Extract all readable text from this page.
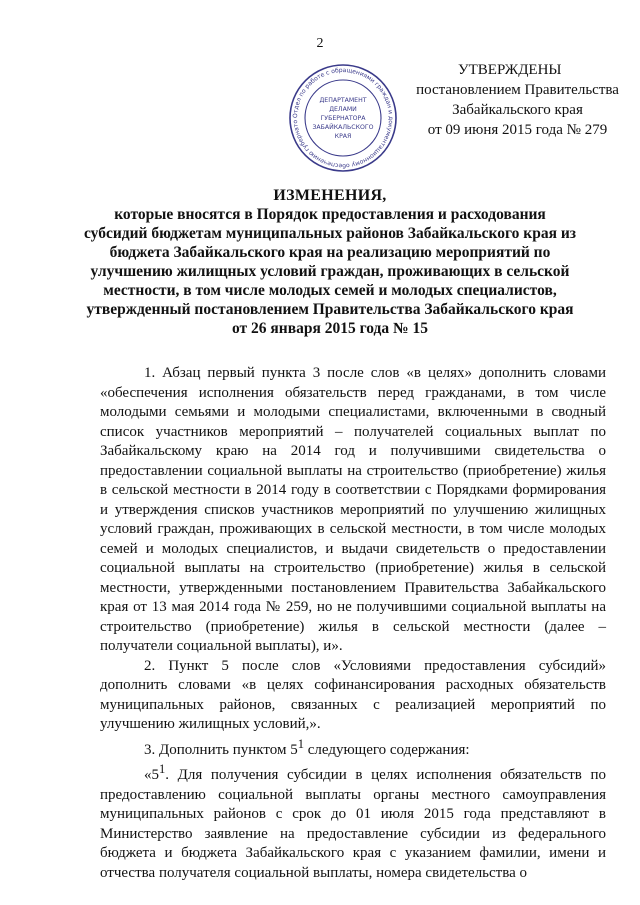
2
УТВЕРЖДЕНЫ
постановлением Правительства
Забайкальского края
от 09 июня 2015 года № 279
Отдел по работе с обращениями граждан и документационному обеспечению губернато
ДЕПАРТАМЕНТ
ДЕЛАМИ
ГУБЕРНАТОРА
ЗАБАЙКАЛЬСКОГО
КРАЯ
ИЗМЕНЕНИЯ,
которые вносятся в Порядок предоставления и расходования
субсидий бюджетам муниципальных районов Забайкальского края из
бюджета Забайкальского края на реализацию мероприятий по
улучшению жилищных условий граждан, проживающих в сельской
местности, в том числе молодых семей и молодых специалистов,
утвержденный постановлением Правительства Забайкальского края
от 26 января 2015 года № 15

1. Абзац первый пункта 3 после слов «в целях» дополнить словами «обеспечения исполнения обязательств перед гражданами, в том числе молодыми семьями и молодыми специалистами, включенными в сводный список участников мероприятий – получателей социальных выплат по Забайкальскому краю на 2014 год и получившими свидетельства о предоставлении социальной выплаты на строительство (приобретение) жилья в сельской местности в 2014 году в соответствии с Порядками формирования и утверждения списков участников мероприятий по улучшению жилищных условий граждан, проживающих в сельской местности, в том числе молодых семей и молодых специалистов, и выдачи свидетельств о предоставлении социальной выплаты на строительство (приобретение) жилья в сельской местности, утвержденными постановлением Правительства Забайкальского края от 13 мая 2014 года № 259, но не получившими социальной выплаты на строительство (приобретение) жилья в сельской местности (далее – получатели социальной выплаты), и».

2. Пункт 5 после слов «Условиями предоставления субсидий» дополнить словами «в целях софинансирования расходных обязательств муниципальных районов, связанных с реализацией мероприятий по улучшению жилищных условий,».

3. Дополнить пунктом $5^1$ следующего содержания:

«$5^1$. Для получения субсидии в целях исполнения обязательств по предоставлению социальной выплаты органы местного самоуправления муниципальных районов с срок до 01 июля 2015 года представляют в Министерство заявление на предоставление субсидии из федерального бюджета и бюджета Забайкальского края с указанием фамилии, имени и отчества получателя социальной выплаты, номера свидетельства о
